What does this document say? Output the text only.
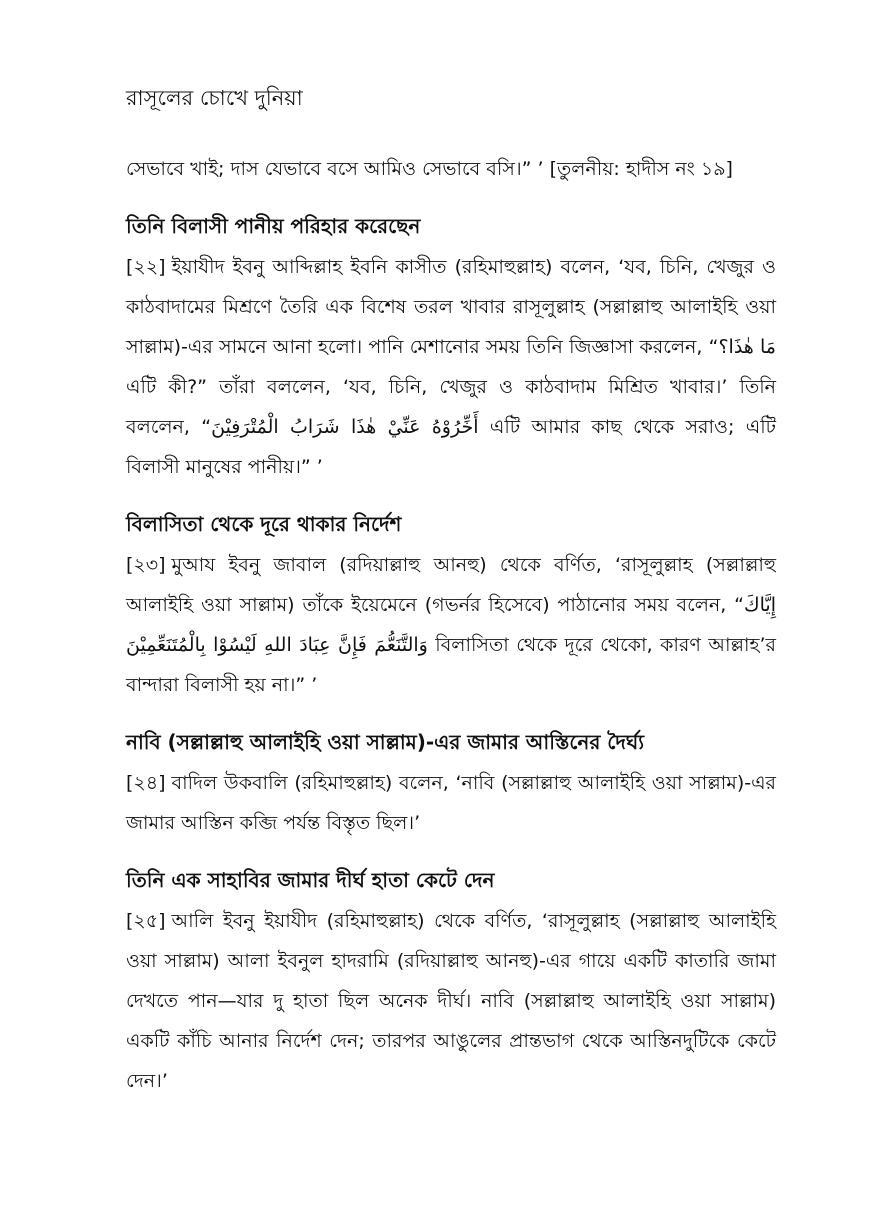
রাসূলের চোখে দুনিয়া

সেভাবে খাই; দাস যেভাবে বসে আমিও সেভাবে বসি।” ’ [তুলনীয়: হাদীস নং ১৯]

তিনি বিলাসী পানীয় পরিহার করেছেন

[২২] ইয়াযীদ ইবনু আব্দিল্লাহ ইবনি কাসীত (রহিমাহুল্লাহ) বলেন, ‘যব, চিনি, খেজুর ও কাঠবাদামের মিশ্রণে তৈরি এক বিশেষ তরল খাবার রাসূলুল্লাহ (সল্লাল্লাহু আলাইহি ওয়া সাল্লাম)-এর সামনে আনা হলো। পানি মেশানোর সময় তিনি জিজ্ঞাসা করলেন, “مَا هٰذَا؟ এটি কী?” তাঁরা বললেন, ‘যব, চিনি, খেজুর ও কাঠবাদাম মিশ্রিত খাবার।’ তিনি বললেন, “أَخِّرُوْهُ عَنِّيْ هٰذَا شَرَابُ الْمُتْرَفِيْنَ এটি আমার কাছ থেকে সরাও; এটি বিলাসী মানুষের পানীয়।” ’

বিলাসিতা থেকে দূরে থাকার নির্দেশ

[২৩] মুআয ইবনু জাবাল (রদিয়াল্লাহু আনহু) থেকে বর্ণিত, ‘রাসূলুল্লাহ (সল্লাল্লাহু আলাইহি ওয়া সাল্লাম) তাঁকে ইয়েমেনে (গভর্নর হিসেবে) পাঠানোর সময় বলেন, “إِيَّاكَ وَالتَّنَعُّمَ فَإِنَّ عِبَادَ اللهِ لَيْسُوْا بِالْمُتَنَعِّمِيْنَ বিলাসিতা থেকে দূরে থেকো, কারণ আল্লাহ’র বান্দারা বিলাসী হয় না।” ’

নাবি (সল্লাল্লাহু আলাইহি ওয়া সাল্লাম)-এর জামার আস্তিনের দৈর্ঘ্য

[২৪] বাদিল উকবালি (রহিমাহুল্লাহ) বলেন, ‘নাবি (সল্লাল্লাহু আলাইহি ওয়া সাল্লাম)-এর জামার আস্তিন কব্জি পর্যন্ত বিস্তৃত ছিল।’

তিনি এক সাহাবির জামার দীর্ঘ হাতা কেটে দেন

[২৫] আলি ইবনু ইয়াযীদ (রহিমাহুল্লাহ) থেকে বর্ণিত, ‘রাসূলুল্লাহ (সল্লাল্লাহু আলাইহি ওয়া সাল্লাম) আলা ইবনুল হাদরামি (রদিয়াল্লাহু আনহু)-এর গায়ে একটি কাতারি জামা দেখতে পান—যার দু হাতা ছিল অনেক দীর্ঘ। নাবি (সল্লাল্লাহু আলাইহি ওয়া সাল্লাম) একটি কাঁচি আনার নির্দেশ দেন; তারপর আঙুলের প্রান্তভাগ থেকে আস্তিনদুটিকে কেটে দেন।’
